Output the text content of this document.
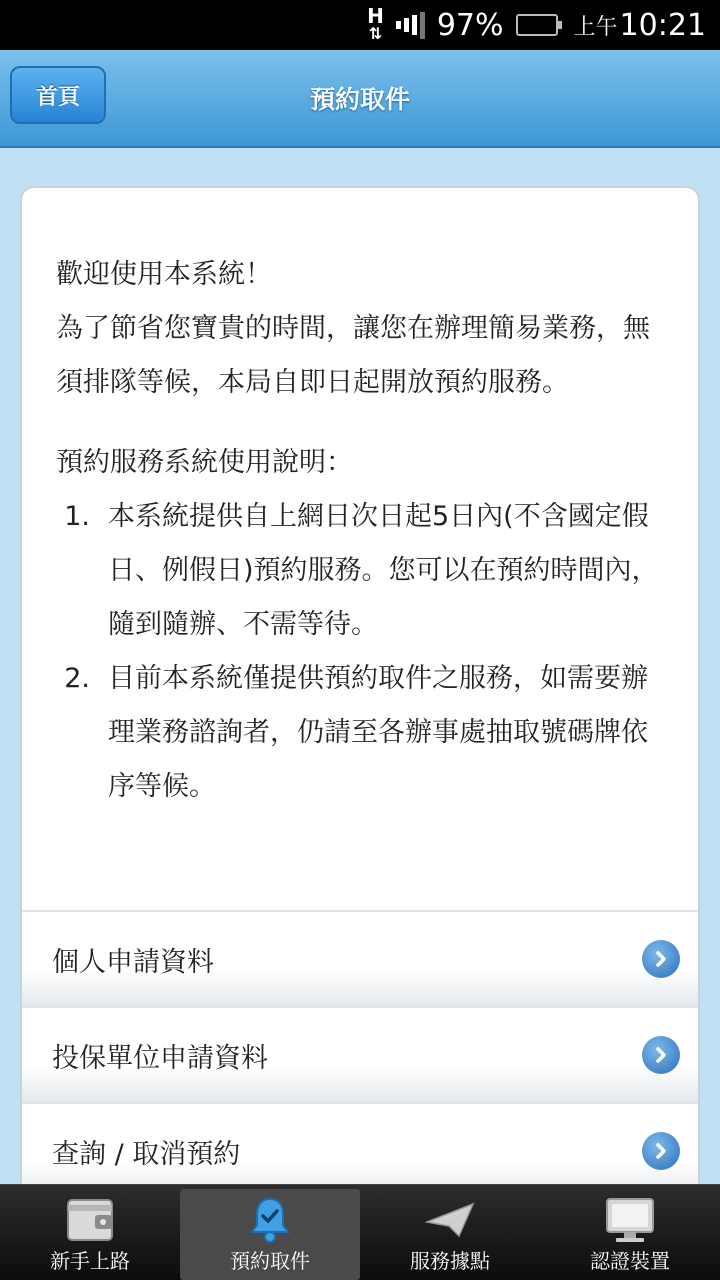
H
⇅ 97%	上午 10:21
首頁	預約取件

歡迎使用本系統！

為了節省您寶貴的時間，讓您在辦理簡易業務，無須排隊等候，本局自即日起開放預約服務。

預約服務系統使用說明：

1. 本系統提供自上網日次日起5日內(不含國定假日、例假日)預約服務。您可以在預約時間內，隨到隨辦、不需等待。
2. 目前本系統僅提供預約取件之服務，如需要辦理業務諮詢者，仍請至各辦事處抽取號碼牌依序等候。
個人申請資料
投保單位申請資料
查詢 / 取消預約
新手上路	預約取件	服務據點	認證裝置
